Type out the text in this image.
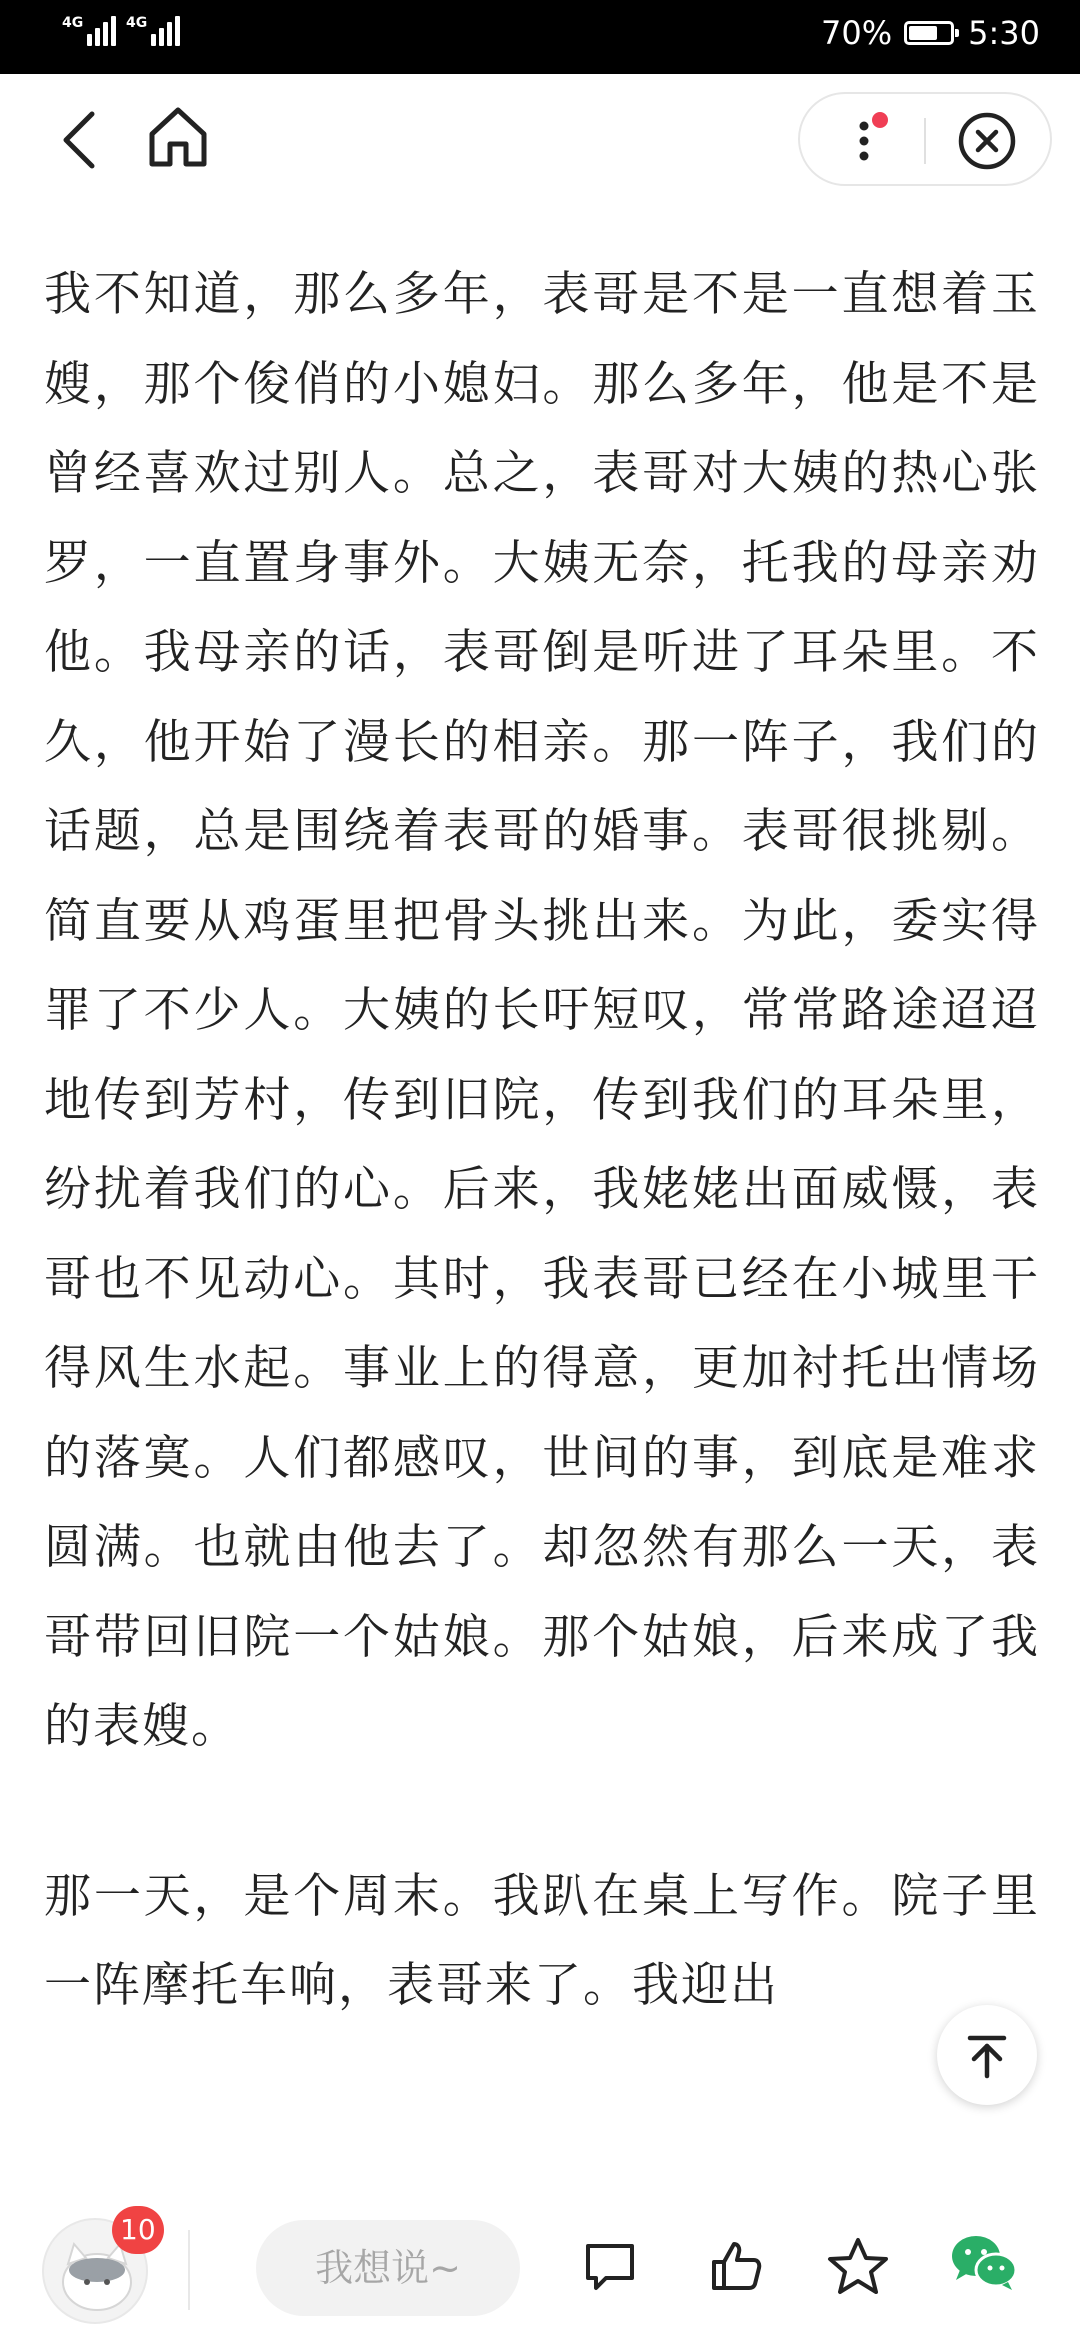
4G	4G	70% 5:30

我不知道，那么多年，表哥是不是一直想着玉嫂，那个俊俏的小媳妇。那么多年，他是不是曾经喜欢过别人。总之，表哥对大姨的热心张罗，一直置身事外。大姨无奈，托我的母亲劝他。我母亲的话，表哥倒是听进了耳朵里。不久，他开始了漫长的相亲。那一阵子，我们的话题，总是围绕着表哥的婚事。表哥很挑剔。简直要从鸡蛋里把骨头挑出来。为此，委实得罪了不少人。大姨的长吁短叹，常常路途迢迢地传到芳村，传到旧院，传到我们的耳朵里，纷扰着我们的心。后来，我姥姥出面威慑，表哥也不见动心。其时，我表哥已经在小城里干得风生水起。事业上的得意，更加衬托出情场的落寞。人们都感叹，世间的事，到底是难求圆满。也就由他去了。却忽然有那么一天，表哥带回旧院一个姑娘。那个姑娘，后来成了我的表嫂。

那一天，是个周末。我趴在桌上写作。院子里一阵摩托车响，表哥来了。我迎出

10
我想说~
